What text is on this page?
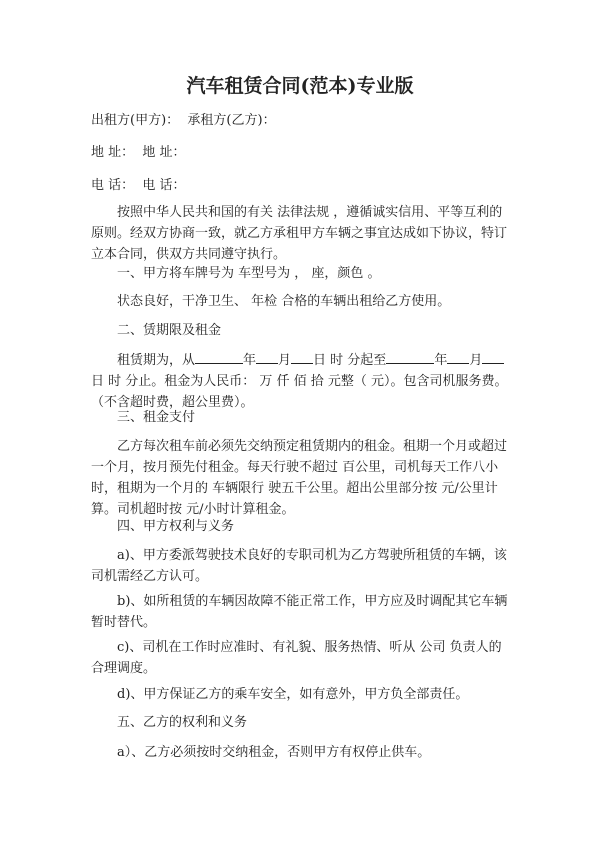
汽车租赁合同(范本)专业版

出租方(甲方)： 承租方(乙方)：

地 址： 地 址：

电 话： 电 话：

按照中华人民共和国的有关 法律法规 ，遵循诚实信用、平等互利的原则。经双方协商一致，就乙方承租甲方车辆之事宜达成如下协议，特订立本合同，供双方共同遵守执行。

一、甲方将车牌号为 车型号为 ， 座，颜色 。

状态良好，干净卫生、 年检 合格的车辆出租给乙方使用。

二、赁期限及租金

租赁期为，从	年 月 日 时 分起至	年 月日 时 分止。租金为人民币： 万 仟 佰 拾 元整（ 元）。包含司机服务费。（不含超时费，超公里费）。

三、租金支付

乙方每次租车前必须先交纳预定租赁期内的租金。租期一个月或超过一个月，按月预先付租金。每天行驶不超过 百公里，司机每天工作八小时，租期为一个月的 车辆限行 驶五千公里。超出公里部分按 元/公里计算。司机超时按 元/小时计算租金。

四、甲方权利与义务

a)、甲方委派驾驶技术良好的专职司机为乙方驾驶所租赁的车辆，该司机需经乙方认可。

b)、如所租赁的车辆因故障不能正常工作，甲方应及时调配其它车辆暂时替代。

c)、司机在工作时应准时、有礼貌、服务热情、听从 公司 负责人的合理调度。

d)、甲方保证乙方的乘车安全，如有意外，甲方负全部责任。

五、乙方的权利和义务

a）、乙方必须按时交纳租金，否则甲方有权停止供车。
